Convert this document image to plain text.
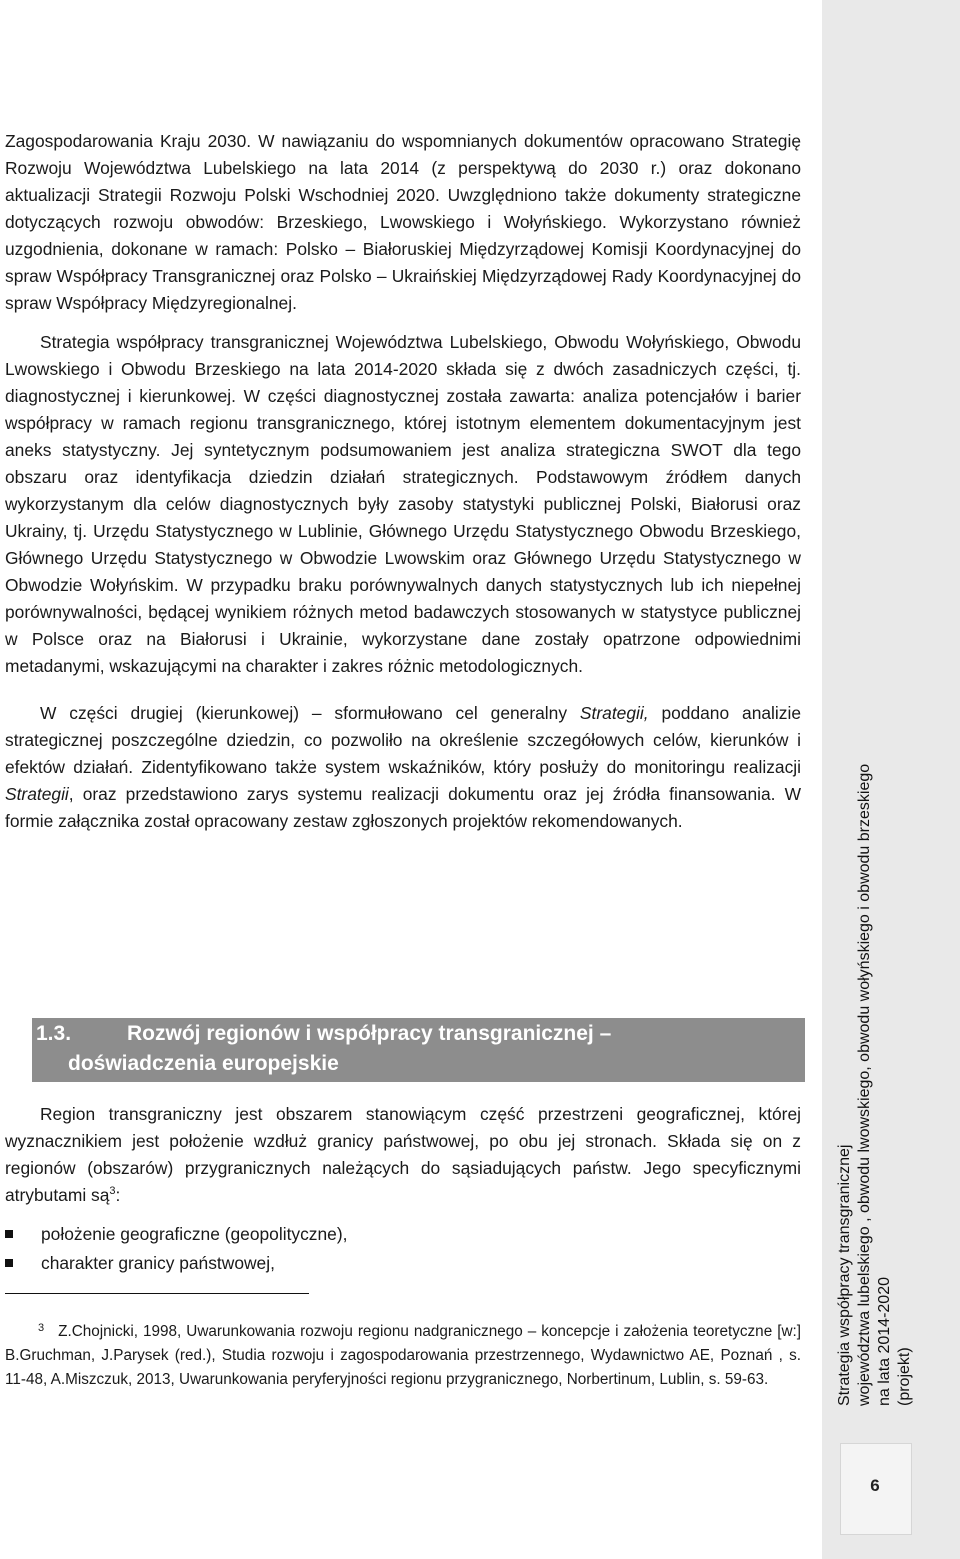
Strategia współpracy transgranicznej województwa lubelskiego , obwodu lwowskiego, obwodu wołyńskiego i obwodu brzeskiego na lata 2014-2020 (projekt)
6

Zagospodarowania Kraju 2030. W nawiązaniu do wspomnianych dokumentów opracowano Strategię Rozwoju Województwa Lubelskiego na lata 2014 (z perspektywą do 2030 r.) oraz dokonano aktualizacji Strategii Rozwoju Polski Wschodniej 2020. Uwzględniono także dokumenty strategiczne dotyczących rozwoju obwodów: Brzeskiego, Lwowskiego i Wołyńskiego. Wykorzystano również uzgodnienia, dokonane w ramach: Polsko – Białoruskiej Międzyrządowej Komisji Koordynacyjnej do spraw Współpracy Transgranicznej oraz Polsko – Ukraińskiej Międzyrządowej Rady Koordynacyjnej do spraw Współpracy Międzyregionalnej.

Strategia współpracy transgranicznej Województwa Lubelskiego, Obwodu Wołyńskiego, Obwodu Lwowskiego i Obwodu Brzeskiego na lata 2014-2020 składa się z dwóch zasadniczych części, tj. diagnostycznej i kierunkowej. W części diagnostycznej została zawarta: analiza potencjałów i barier współpracy w ramach regionu transgranicznego, której istotnym elementem dokumentacyjnym jest aneks statystyczny. Jej syntetycznym podsumowaniem jest analiza strategiczna SWOT dla tego obszaru oraz identyfikacja dziedzin działań strategicznych. Podstawowym źródłem danych wykorzystanym dla celów diagnostycznych były zasoby statystyki publicznej Polski, Białorusi oraz Ukrainy, tj. Urzędu Statystycznego w Lublinie, Głównego Urzędu Statystycznego Obwodu Brzeskiego, Głównego Urzędu Statystycznego w Obwodzie Lwowskim oraz Głównego Urzędu Statystycznego w Obwodzie Wołyńskim. W przypadku braku porównywalnych danych statystycznych lub ich niepełnej porównywalności, będącej wynikiem różnych metod badawczych stosowanych w statystyce publicznej w Polsce oraz na Białorusi i Ukrainie, wykorzystane dane zostały opatrzone odpowiednimi metadanymi, wskazującymi na charakter i zakres różnic metodologicznych.

W części drugiej (kierunkowej) – sformułowano cel generalny Strategii, poddano analizie strategicznej poszczególne dziedzin, co pozwoliło na określenie szczegółowych celów, kierunków i efektów działań. Zidentyfikowano także system wskaźników, który posłuży do monitoringu realizacji Strategii, oraz przedstawiono zarys systemu realizacji dokumentu oraz jej źródła finansowania. W formie załącznika został opracowany zestaw zgłoszonych projektów rekomendowanych.

1.3.	Rozwój regionów i współpracy transgranicznej –
doświadczenia europejskie

Region transgraniczny jest obszarem stanowiącym część przestrzeni geograficznej, której wyznacznikiem jest położenie wzdłuż granicy państwowej, po obu jej stronach. Składa się on z regionów (obszarów) przygranicznych należących do sąsiadujących państw. Jego specyficznymi atrybutami $są^3$:

położenie geograficzne (geopolityczne),
charakter granicy państwowej,
$^3$ Z.Chojnicki, 1998, Uwarunkowania rozwoju regionu nadgranicznego – koncepcje i założenia teoretyczne [w:] B.Gruchman, J.Parysek (red.), Studia rozwoju i zagospodarowania przestrzennego, Wydawnictwo AE, Poznań , s. 11-48, A.Miszczuk, 2013, Uwarunkowania peryferyjności regionu przygranicznego, Norbertinum, Lublin, s. 59-63.
